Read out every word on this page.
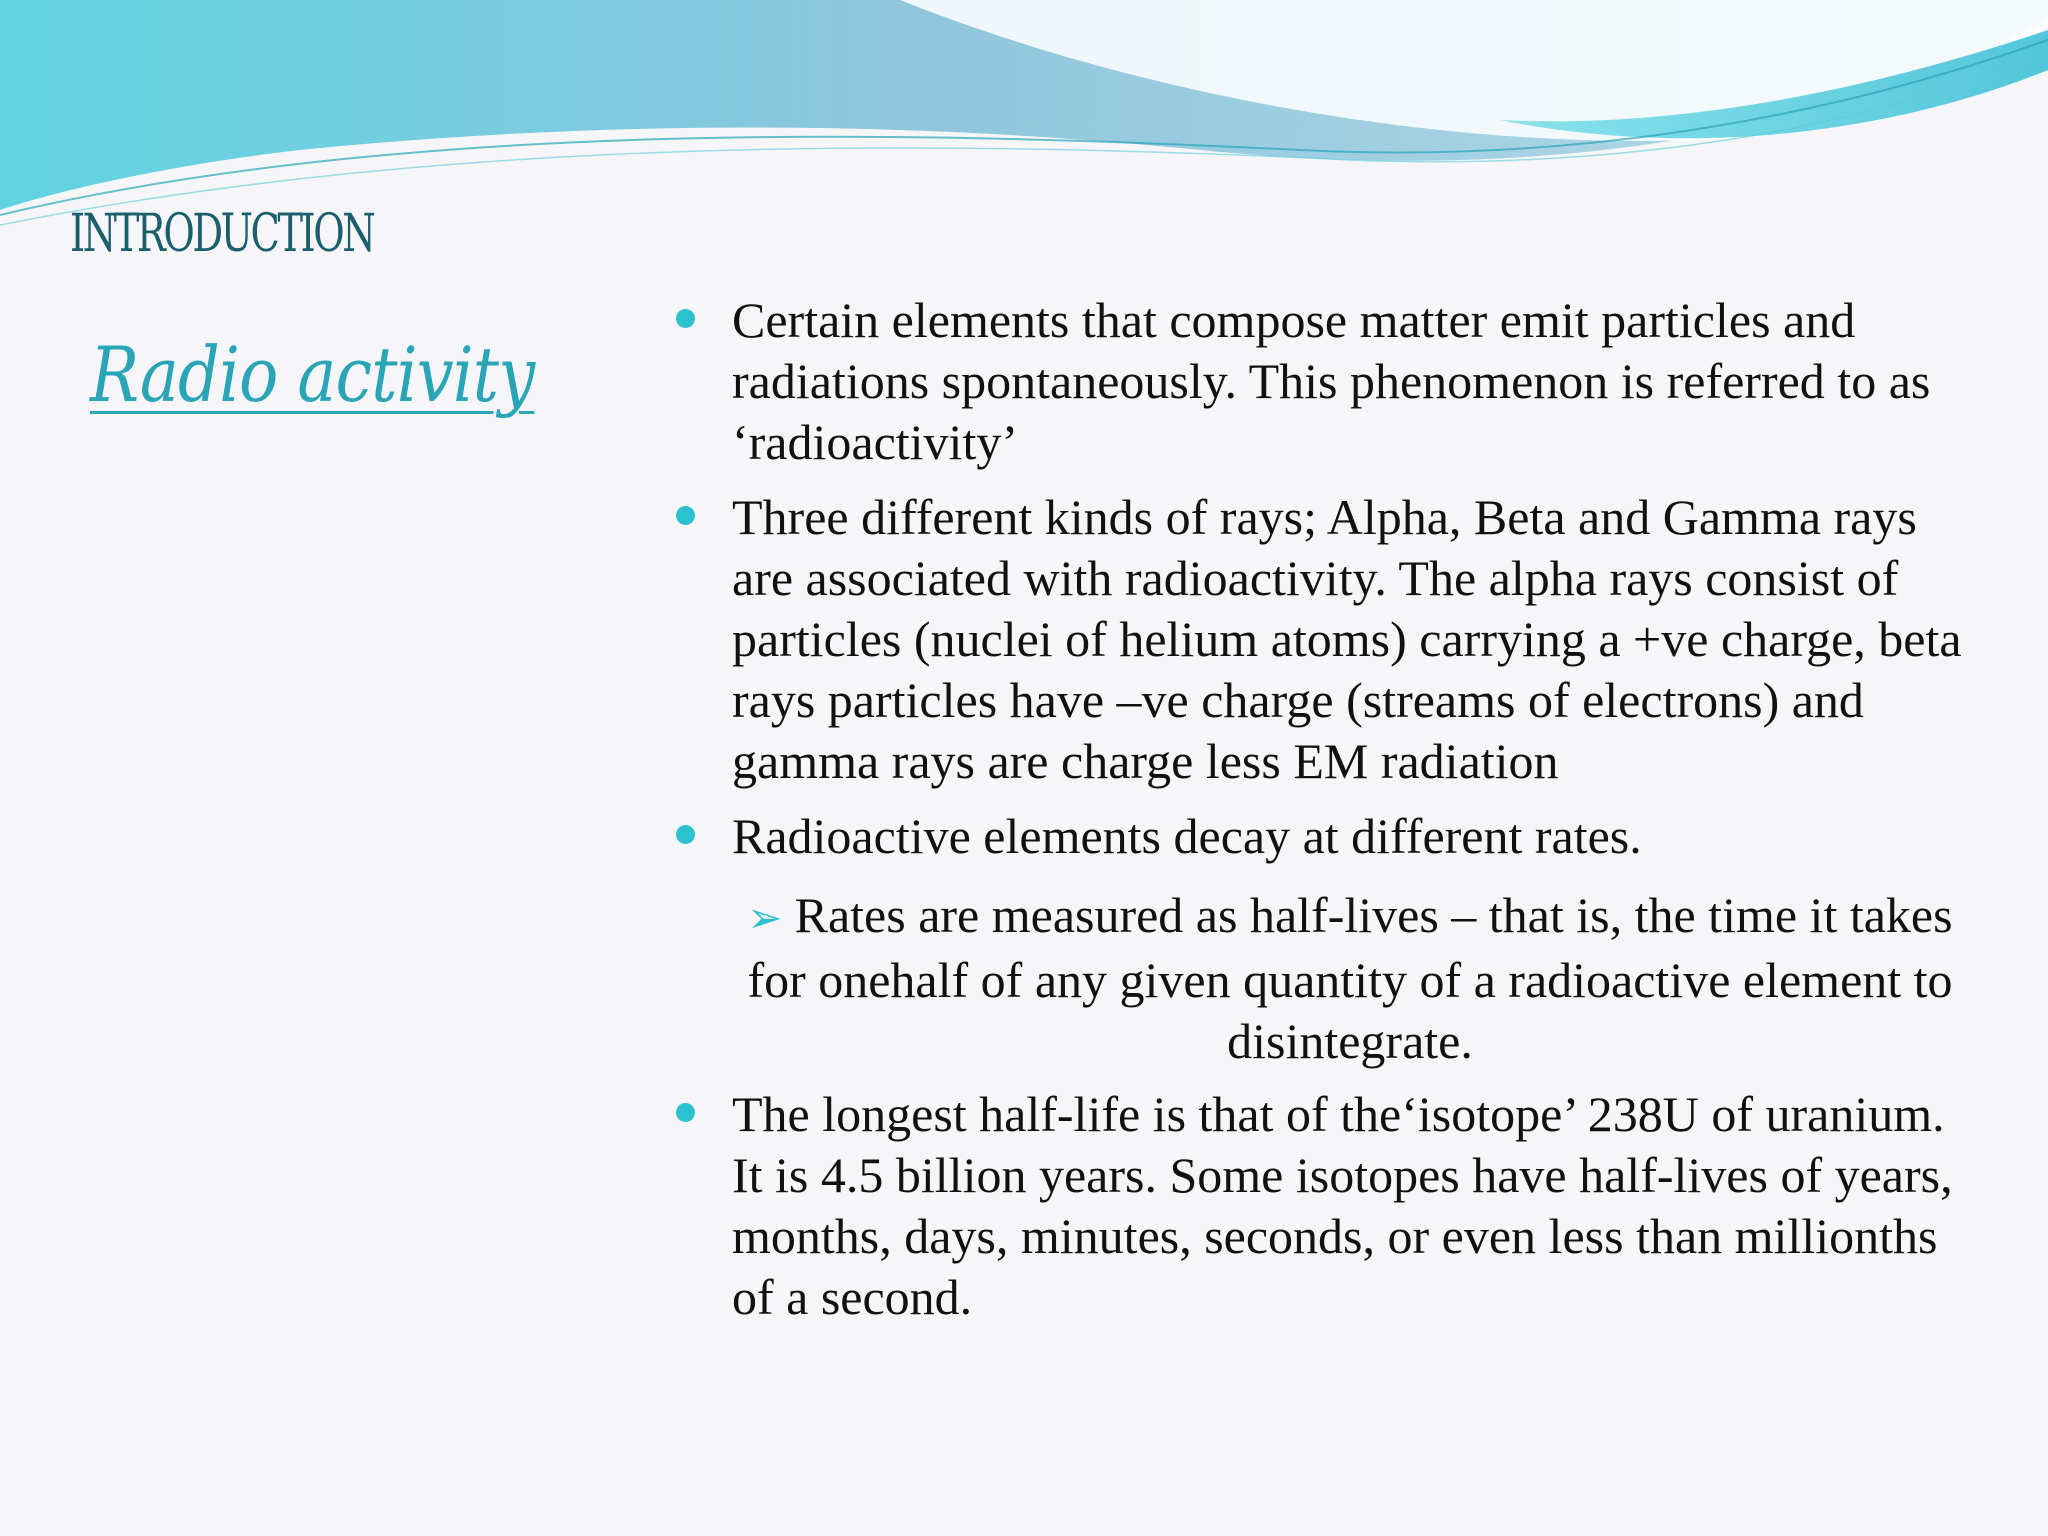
INTRODUCTION
Radio activity
Certain elements that compose matter emit particles and radiations spontaneously. This phenomenon is referred to as ‘radioactivity’
Three different kinds of rays; Alpha, Beta and Gamma rays are associated with radioactivity. The alpha rays consist of particles (nuclei of helium atoms) carrying a +ve charge, beta rays particles have –ve charge (streams of electrons) and gamma rays are charge less EM radiation
Radioactive elements decay at different rates.
➢ Rates are measured as half-lives – that is, the time it takes for onehalf of any given quantity of a radioactive element to disintegrate.
The longest half-life is that of the‘isotope’ 238U of uranium. It is 4.5 billion years. Some isotopes have half-lives of years, months, days, minutes, seconds, or even less than millionths of a second.
